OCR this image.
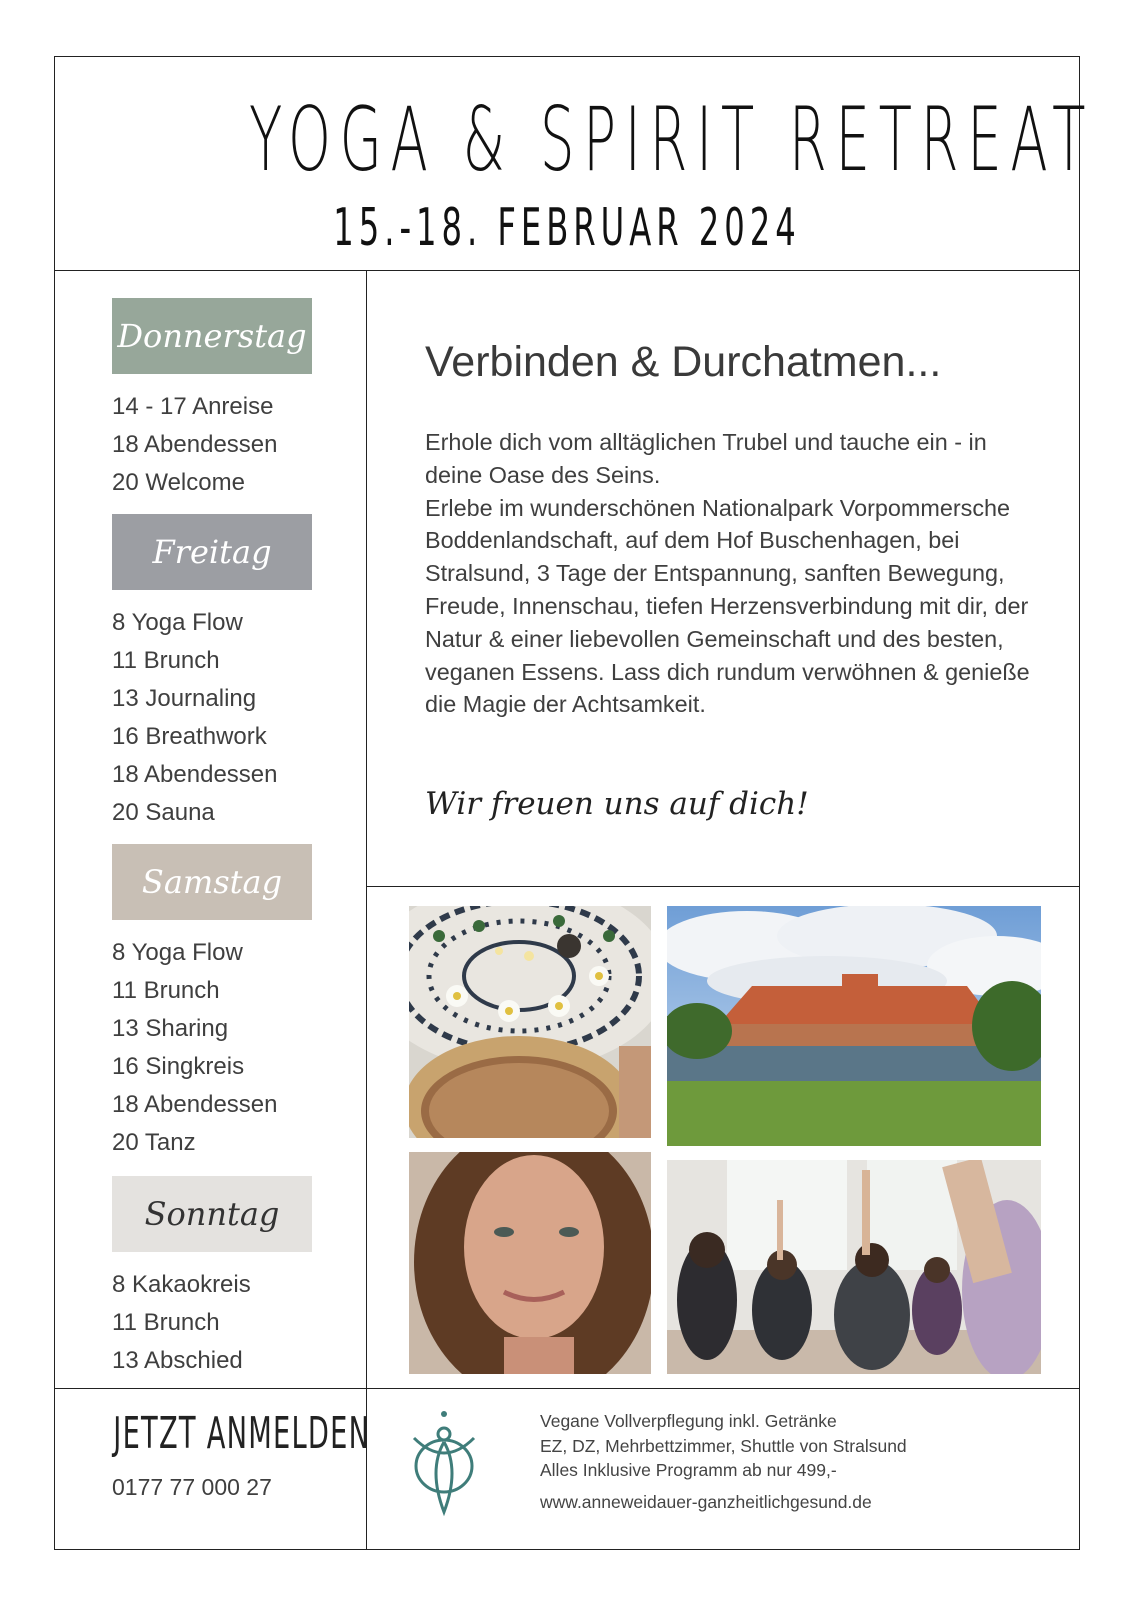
YOGA & SPIRIT RETREAT
15.-18. FEBRUAR 2024
Donnerstag
14 - 17 Anreise
18 Abendessen
20 Welcome
Freitag
8 Yoga Flow
11 Brunch
13 Journaling
16 Breathwork
18 Abendessen
20 Sauna
Samstag
8 Yoga Flow
11 Brunch
13 Sharing
16 Singkreis
18 Abendessen
20 Tanz
Sonntag
8 Kakaokreis
11 Brunch
13 Abschied
Verbinden & Durchatmen...

Erhole dich vom alltäglichen Trubel und tauche ein - in deine Oase des Seins.

Erlebe im wunderschönen Nationalpark Vorpommersche Boddenlandschaft, auf dem Hof Buschenhagen, bei Stralsund, 3 Tage der Entspannung, sanften Bewegung, Freude, Innenschau, tiefen Herzensverbindung mit dir, der Natur & einer liebevollen Gemeinschaft und des besten, veganen Essens. Lass dich rundum verwöhnen & genieße die Magie der Achtsamkeit.

Wir freuen uns auf dich!
JETZT ANMELDEN
0177 77 000 27
Vegane Vollverpflegung inkl. Getränke
EZ, DZ, Mehrbettzimmer, Shuttle von Stralsund
Alles Inklusive Programm ab nur 499,-
www.anneweidauer-ganzheitlichgesund.de
